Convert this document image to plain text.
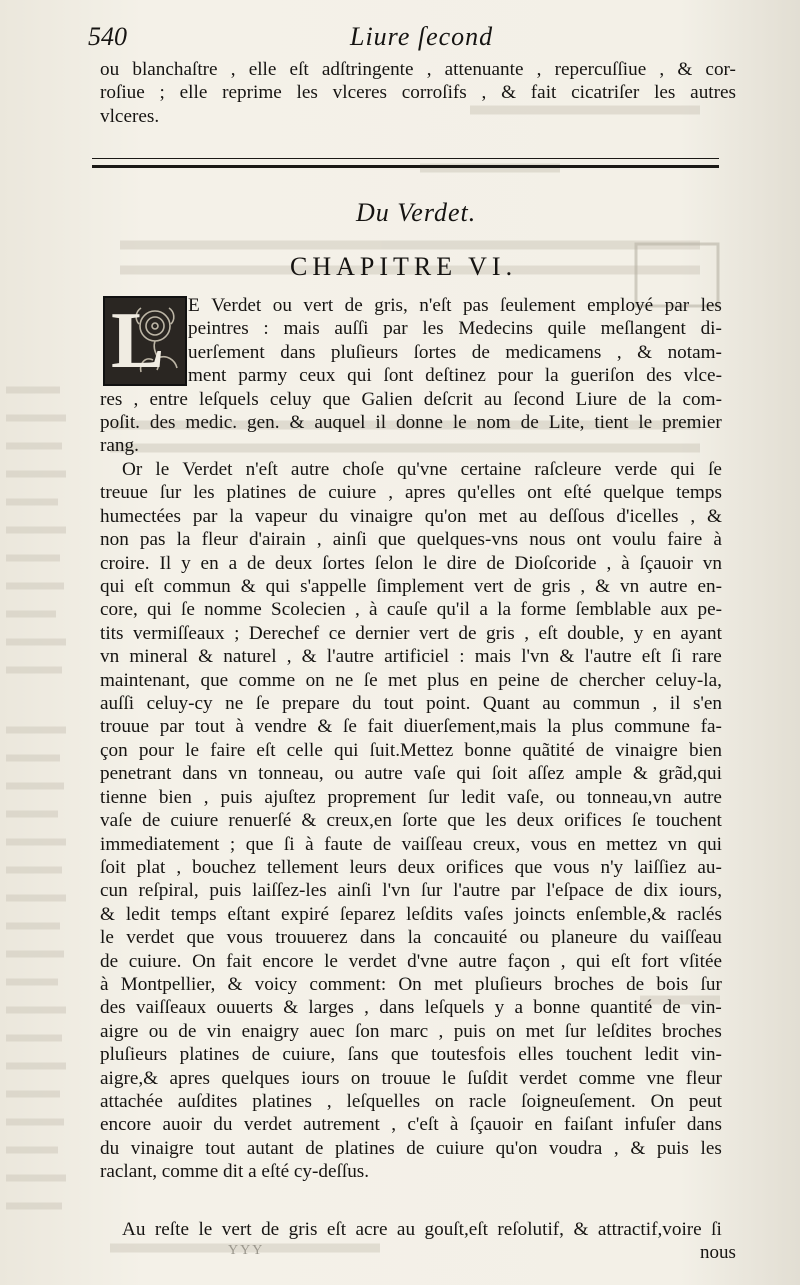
540	Liure ſecond
ou blanchaſtre , elle eſt adſtringente , attenuante , repercuſſiue , & cor-
roſiue ; elle reprime les vlceres corroſifs , & fait cicatriſer les autres
vlceres.
Du Verdet.
CHAPITRE VI.
L E Verdet ou vert de gris, n'eſt pas ſeulement employé par les
peintres : mais auſſi par les Medecins quile meſlangent di-
uerſement dans pluſieurs ſortes de medicamens , & notam-
ment parmy ceux qui ſont deſtinez pour la gueriſon des vlce-
res , entre leſquels celuy que Galien deſcrit au ſecond Liure de la com-
poſit. des medic. gen. & auquel il donne le nom de Lite, tient le premier
rang.
Or le Verdet n'eſt autre choſe qu'vne certaine raſcleure verde qui ſe
treuue ſur les platines de cuiure , apres qu'elles ont eſté quelque temps
humectées par la vapeur du vinaigre qu'on met au deſſous d'icelles , &
non pas la fleur d'airain , ainſi que quelques-vns nous ont voulu faire à
croire. Il y en a de deux ſortes ſelon le dire de Dioſcoride , à ſçauoir vn
qui eſt commun & qui s'appelle ſimplement vert de gris , & vn autre en-
core, qui ſe nomme Scolecien , à cauſe qu'il a la forme ſemblable aux pe-
tits vermiſſeaux ; Derechef ce dernier vert de gris , eſt double, y en ayant
vn mineral & naturel , & l'autre artificiel : mais l'vn & l'autre eſt ſi rare
maintenant, que comme on ne ſe met plus en peine de chercher celuy-la,
auſſi celuy-cy ne ſe prepare du tout point. Quant au commun , il s'en
trouue par tout à vendre & ſe fait diuerſement,mais la plus commune fa-
çon pour le faire eſt celle qui ſuit.Mettez bonne quãtité de vinaigre bien
penetrant dans vn tonneau, ou autre vaſe qui ſoit aſſez ample & grãd,qui
tienne bien , puis ajuſtez proprement ſur ledit vaſe, ou tonneau,vn autre
vaſe de cuiure renuerſé & creux,en ſorte que les deux orifices ſe touchent
immediatement ; que ſi à faute de vaiſſeau creux, vous en mettez vn qui
ſoit plat , bouchez tellement leurs deux orifices que vous n'y laiſſiez au-
cun reſpiral, puis laiſſez-les ainſi l'vn ſur l'autre par l'eſpace de dix iours,
& ledit temps eſtant expiré ſeparez leſdits vaſes joincts enſemble,& raclés
le verdet que vous trouuerez dans la concauité ou planeure du vaiſſeau
de cuiure. On fait encore le verdet d'vne autre façon , qui eſt fort vſitée
à Montpellier, & voicy comment: On met pluſieurs broches de bois ſur
des vaiſſeaux ouuerts & larges , dans leſquels y a bonne quantité de vin-
aigre ou de vin enaigry auec ſon marc , puis on met ſur leſdites broches
pluſieurs platines de cuiure, ſans que toutesfois elles touchent ledit vin-
aigre,& apres quelques iours on trouue le ſuſdit verdet comme vne fleur
attachée auſdites platines , leſquelles on racle ſoigneuſement. On peut
encore auoir du verdet autrement , c'eſt à ſçauoir en faiſant infuſer dans
du vinaigre tout autant de platines de cuiure qu'on voudra , & puis les
raclant, comme dit a eſté cy-deſſus.
Au reſte le vert de gris eſt acre au gouſt,eſt reſolutif, & attractif,voire ſi
YYY	nous
